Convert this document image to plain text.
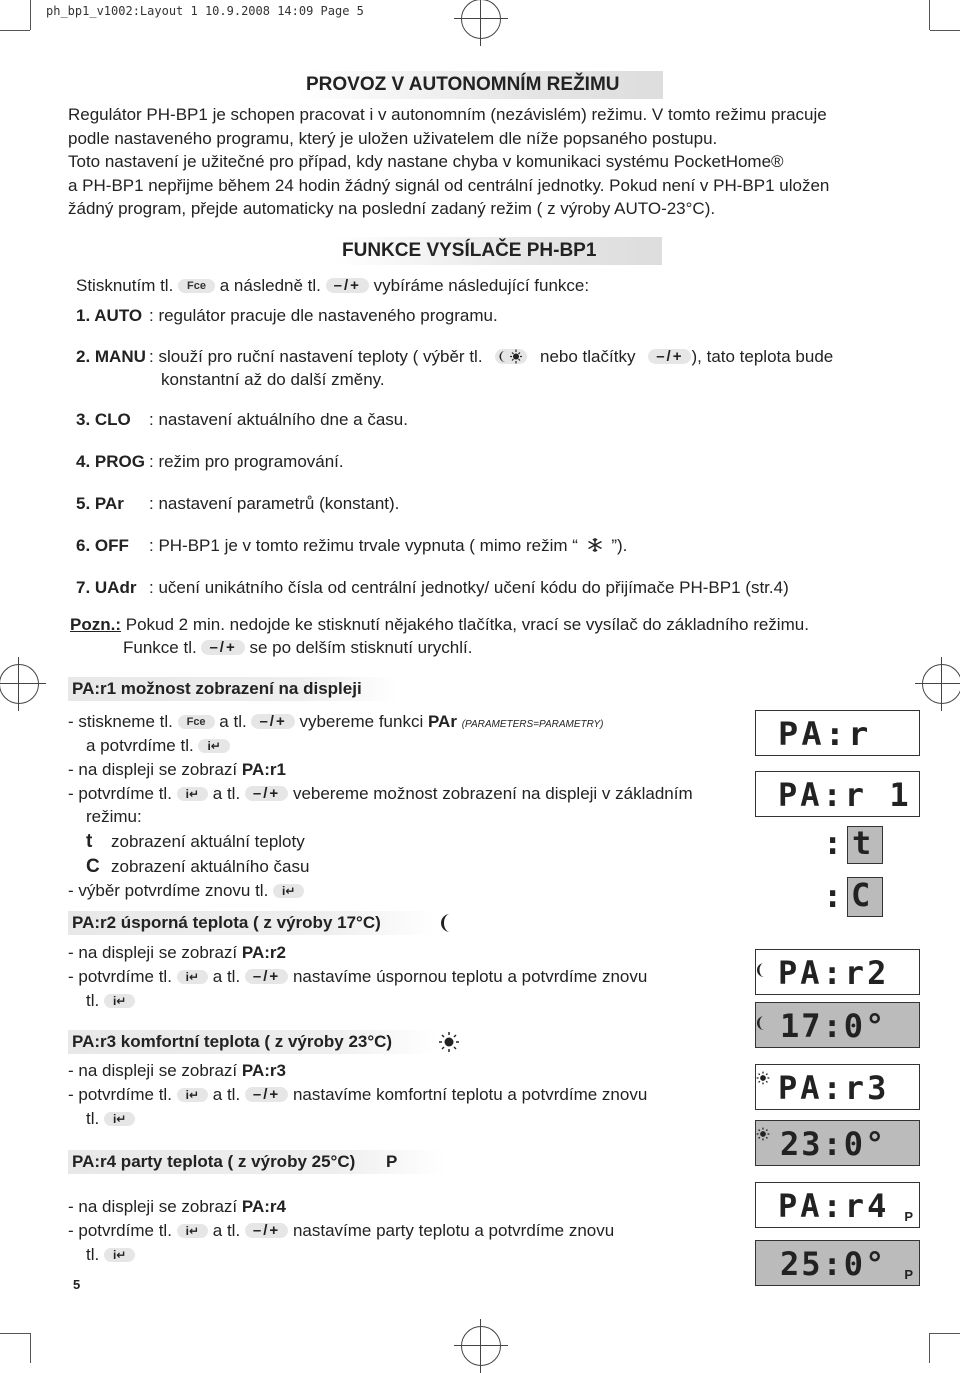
ph_bp1_v1002:Layout 1 10.9.2008 14:09 Page 5
PROVOZ V AUTONOMNÍM REŽIMU
Regulátor PH-BP1 je schopen pracovat i v autonomním (nezávislém) režimu. V tomto režimu pracuje
podle nastaveného programu, který je uložen uživatelem dle níže popsaného postupu.
Toto nastavení je užitečné pro případ, kdy nastane chyba v komunikaci systému PocketHome®
a PH-BP1 nepřijme během 24 hodin žádný signál od centrální jednotky. Pokud není v PH-BP1 uložen
žádný program, přejde automaticky na poslední zadaný režim ( z výroby AUTO-23°C).
FUNKCE VYSÍLAČE PH-BP1
Stisknutím tl. Fce a následně tl. –/+ vybíráme následující funkce:
1. AUTO : regulátor pracuje dle nastaveného programu.
2. MANU : slouží pro ruční nastavení teploty ( výběr tl.	nebo tlačítky –/+ ), tato teplota bude
konstantní až do další změny.
3. CLO : nastavení aktuálního dne a času.
4. PROG : režim pro programování.
5. PAr : nastavení parametrů (konstant).
6. OFF : PH-BP1 je v tomto režimu trvale vypnuta ( mimo režim “ ”).
7. UAdr : učení unikátního čísla od centrální jednotky/ učení kódu do přijímače PH-BP1 (str.4)
Pozn.: Pokud 2 min. nedojde ke stisknutí nějakého tlačítka, vrací se vysílač do základního režimu.
Funkce tl. –/+ se po delším stisknutí urychlí.
PA:r1 možnost zobrazení na displeji
- stiskneme tl. Fce a tl. –/+ vybereme funkci PAr (PARAMETERS=PARAMETRY)
a potvrdíme tl. i↵
- na displeji se zobrazí PA:r1
- potvrdíme tl. i↵ a tl. –/+ vebereme možnost zobrazení na displeji v základním
režimu:
t zobrazení aktuální teploty
C zobrazení aktuálního času
- výběr potvrdíme znovu tl. i↵
PA:r2 úsporná teplota ( z výroby 17°C)
- na displeji se zobrazí PA:r2
- potvrdíme tl. i↵ a tl. –/+ nastavíme úspornou teplotu a potvrdíme znovu
tl. i↵
PA:r3 komfortní teplota ( z výroby 23°C)
- na displeji se zobrazí PA:r3
- potvrdíme tl. i↵ a tl. –/+ nastavíme komfortní teplotu a potvrdíme znovu
tl. i↵
PA:r4 party teplota ( z výroby 25°C) P
- na displeji se zobrazí PA:r4
- potvrdíme tl. i↵ a tl. –/+ nastavíme party teplotu a potvrdíme znovu
tl. i↵
PA:r
PA:r 1
: t
: C
PA:r2
17:0°
PA:r3
23:0°
PA:r4 P
25:0° P
5
